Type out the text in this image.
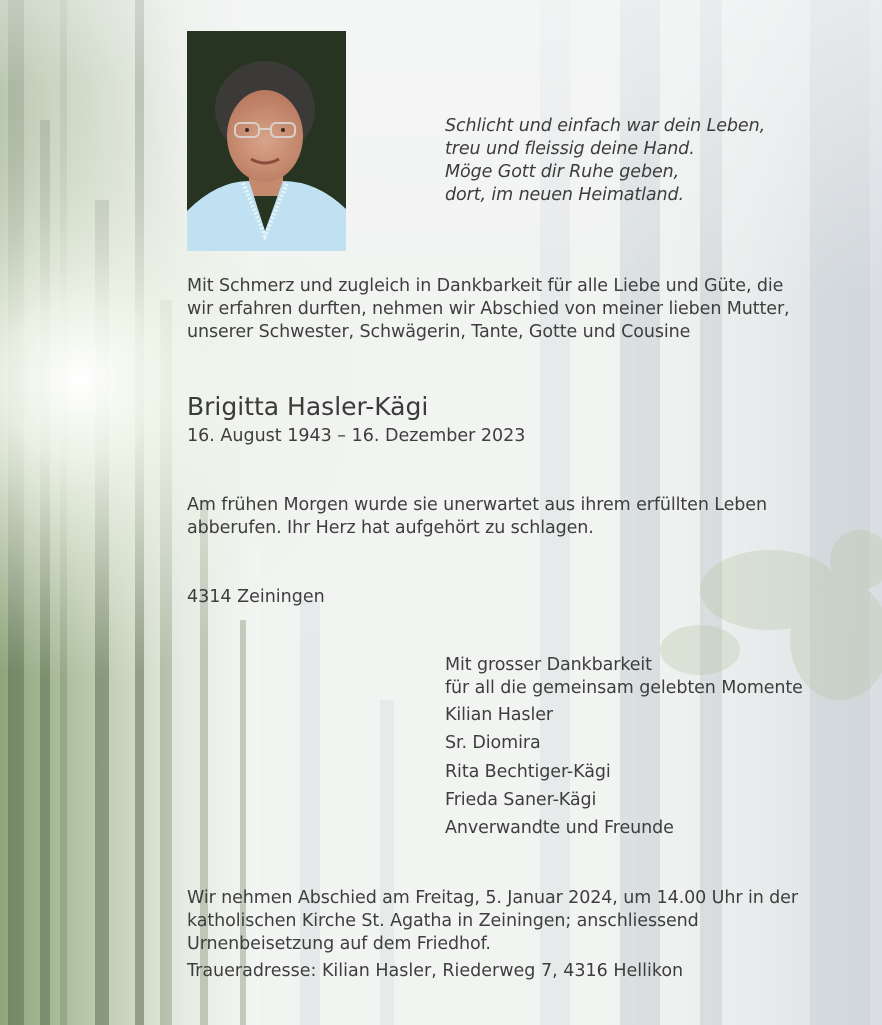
Schlicht und einfach war dein Leben,
treu und fleissig deine Hand.
Möge Gott dir Ruhe geben,
dort, im neuen Heimatland.
Mit Schmerz und zugleich in Dankbarkeit für alle Liebe und Güte, die
wir erfahren durften, nehmen wir Abschied von meiner lieben Mutter,
unserer Schwester, Schwägerin, Tante, Gotte und Cousine
Brigitta Hasler-Kägi
16. August 1943 – 16. Dezember 2023
Am frühen Morgen wurde sie unerwartet aus ihrem erfüllten Leben
abberufen. Ihr Herz hat aufgehört zu schlagen.
4314 Zeiningen
Mit grosser Dankbarkeit
für all die gemeinsam gelebten Momente
Kilian Hasler
Sr. Diomira
Rita Bechtiger-Kägi
Frieda Saner-Kägi
Anverwandte und Freunde
Wir nehmen Abschied am Freitag, 5. Januar 2024, um 14.00 Uhr in der
katholischen Kirche St. Agatha in Zeiningen; anschliessend
Urnenbeisetzung auf dem Friedhof.
Traueradresse: Kilian Hasler, Riederweg 7, 4316 Hellikon
